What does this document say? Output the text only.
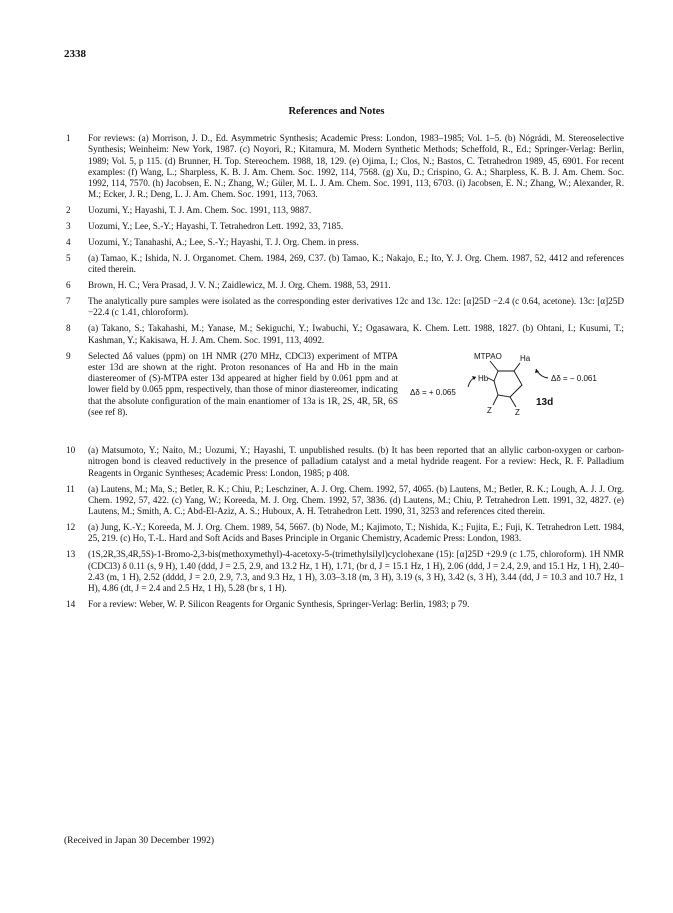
2338
References and Notes
1	For reviews: (a) Morrison, J. D., Ed. Asymmetric Synthesis; Academic Press: London, 1983–1985; Vol. 1–5. (b) Nógrádi, M. Stereoselective Synthesis; Weinheim: New York, 1987. (c) Noyori, R.; Kitamura, M. Modern Synthetic Methods; Scheffold, R., Ed.; Springer-Verlag: Berlin, 1989; Vol. 5, p 115. (d) Brunner, H. Top. Stereochem. 1988, 18, 129. (e) Ojima, I.; Clos, N.; Bastos, C. Tetrahedron 1989, 45, 6901. For recent examples: (f) Wang, L.; Sharpless, K. B. J. Am. Chem. Soc. 1992, 114, 7568. (g) Xu, D.; Crispino, G. A.; Sharpless, K. B. J. Am. Chem. Soc. 1992, 114, 7570. (h) Jacobsen, E. N.; Zhang, W.; Güler, M. L. J. Am. Chem. Soc. 1991, 113, 6703. (i) Jacobsen, E. N.; Zhang, W.; Alexander, R. M.; Ecker, J. R.; Deng, L. J. Am. Chem. Soc. 1991, 113, 7063.

2	Uozumi, Y.; Hayashi, T. J. Am. Chem. Soc. 1991, 113, 9887.

3	Uozumi, Y.; Lee, S.-Y.; Hayashi, T. Tetrahedron Lett. 1992, 33, 7185.

4	Uozumi, Y.; Tanahashi, A.; Lee, S.-Y.; Hayashi, T. J. Org. Chem. in press.

5	(a) Tamao, K.; Ishida, N. J. Organomet. Chem. 1984, 269, C37. (b) Tamao, K.; Nakajo, E.; Ito, Y. J. Org. Chem. 1987, 52, 4412 and references cited therein.

6	Brown, H. C.; Vera Prasad, J. V. N.; Zaidlewicz, M. J. Org. Chem. 1988, 53, 2911.

7	The analytically pure samples were isolated as the corresponding ester derivatives 12c and 13c. 12c: [α]25D −2.4 (c 0.64, acetone). 13c: [α]25D −22.4 (c 1.41, chloroform).

8	(a) Takano, S.; Takahashi, M.; Yanase, M.; Sekiguchi, Y.; Iwabuchi, Y.; Ogasawara, K. Chem. Lett. 1988, 1827. (b) Ohtani, I.; Kusumi, T.; Kashman, Y.; Kakisawa, H. J. Am. Chem. Soc. 1991, 113, 4092.

9	Selected Δδ values (ppm) on 1H NMR (270 MHz, CDCl3) experiment of MTPA ester 13d are shown at the right. Proton resonances of Ha and Hb in the main diastereomer of (S)-MTPA ester 13d appeared at higher field by 0.061 ppm and at lower field by 0.065 ppm, respectively, than those of minor diastereomer, indicating that the absolute configuration of the main enantiomer of 13a is 1R, 2S, 4R, 5R, 6S (see ref 8).

MTPAO Ha
Hb	Δδ = − 0.061
Δδ = + 0.065
Z	Z
13d
10	(a) Matsumoto, Y.; Naito, M.; Uozumi, Y.; Hayashi, T. unpublished results. (b) It has been reported that an allylic carbon-oxygen or carbon-nitrogen bond is cleaved reductively in the presence of palladium catalyst and a metal hydride reagent. For a review: Heck, R. F. Palladium Reagents in Organic Syntheses; Academic Press: London, 1985; p 408.

11	(a) Lautens, M.; Ma, S.; Betler, R. K.; Chiu, P.; Leschziner, A. J. Org. Chem. 1992, 57, 4065. (b) Lautens, M.; Betler, R. K.; Lough, A. J. J. Org. Chem. 1992, 57, 422. (c) Yang, W.; Koreeda, M. J. Org. Chem. 1992, 57, 3836. (d) Lautens, M.; Chiu, P. Tetrahedron Lett. 1991, 32, 4827. (e) Lautens, M.; Smith, A. C.; Abd-El-Aziz, A. S.; Huboux, A. H. Tetrahedron Lett. 1990, 31, 3253 and references cited therein.

12	(a) Jung, K.-Y.; Koreeda, M. J. Org. Chem. 1989, 54, 5667. (b) Node, M.; Kajimoto, T.; Nishida, K.; Fujita, E.; Fuji, K. Tetrahedron Lett. 1984, 25, 219. (c) Ho, T.-L. Hard and Soft Acids and Bases Principle in Organic Chemistry, Academic Press: London, 1983.

13	(1S,2R,3S,4R,5S)-1-Bromo-2,3-bis(methoxymethyl)-4-acetoxy-5-(trimethylsilyl)cyclohexane (15): [α]25D +29.9 (c 1.75, chloroform). 1H NMR (CDCl3) δ 0.11 (s, 9 H), 1.40 (ddd, J = 2.5, 2.9, and 13.2 Hz, 1 H), 1.71, (br d, J = 15.1 Hz, 1 H), 2.06 (ddd, J = 2.4, 2.9, and 15.1 Hz, 1 H), 2.40–2.43 (m, 1 H), 2.52 (dddd, J = 2.0, 2.9, 7.3, and 9.3 Hz, 1 H), 3.03–3.18 (m, 3 H), 3.19 (s, 3 H), 3.42 (s, 3 H), 3.44 (dd, J = 10.3 and 10.7 Hz, 1 H), 4.86 (dt, J = 2.4 and 2.5 Hz, 1 H), 5.28 (br s, 1 H).

14	For a review: Weber, W. P. Silicon Reagents for Organic Synthesis, Springer-Verlag: Berlin, 1983; p 79.

(Received in Japan 30 December 1992)
